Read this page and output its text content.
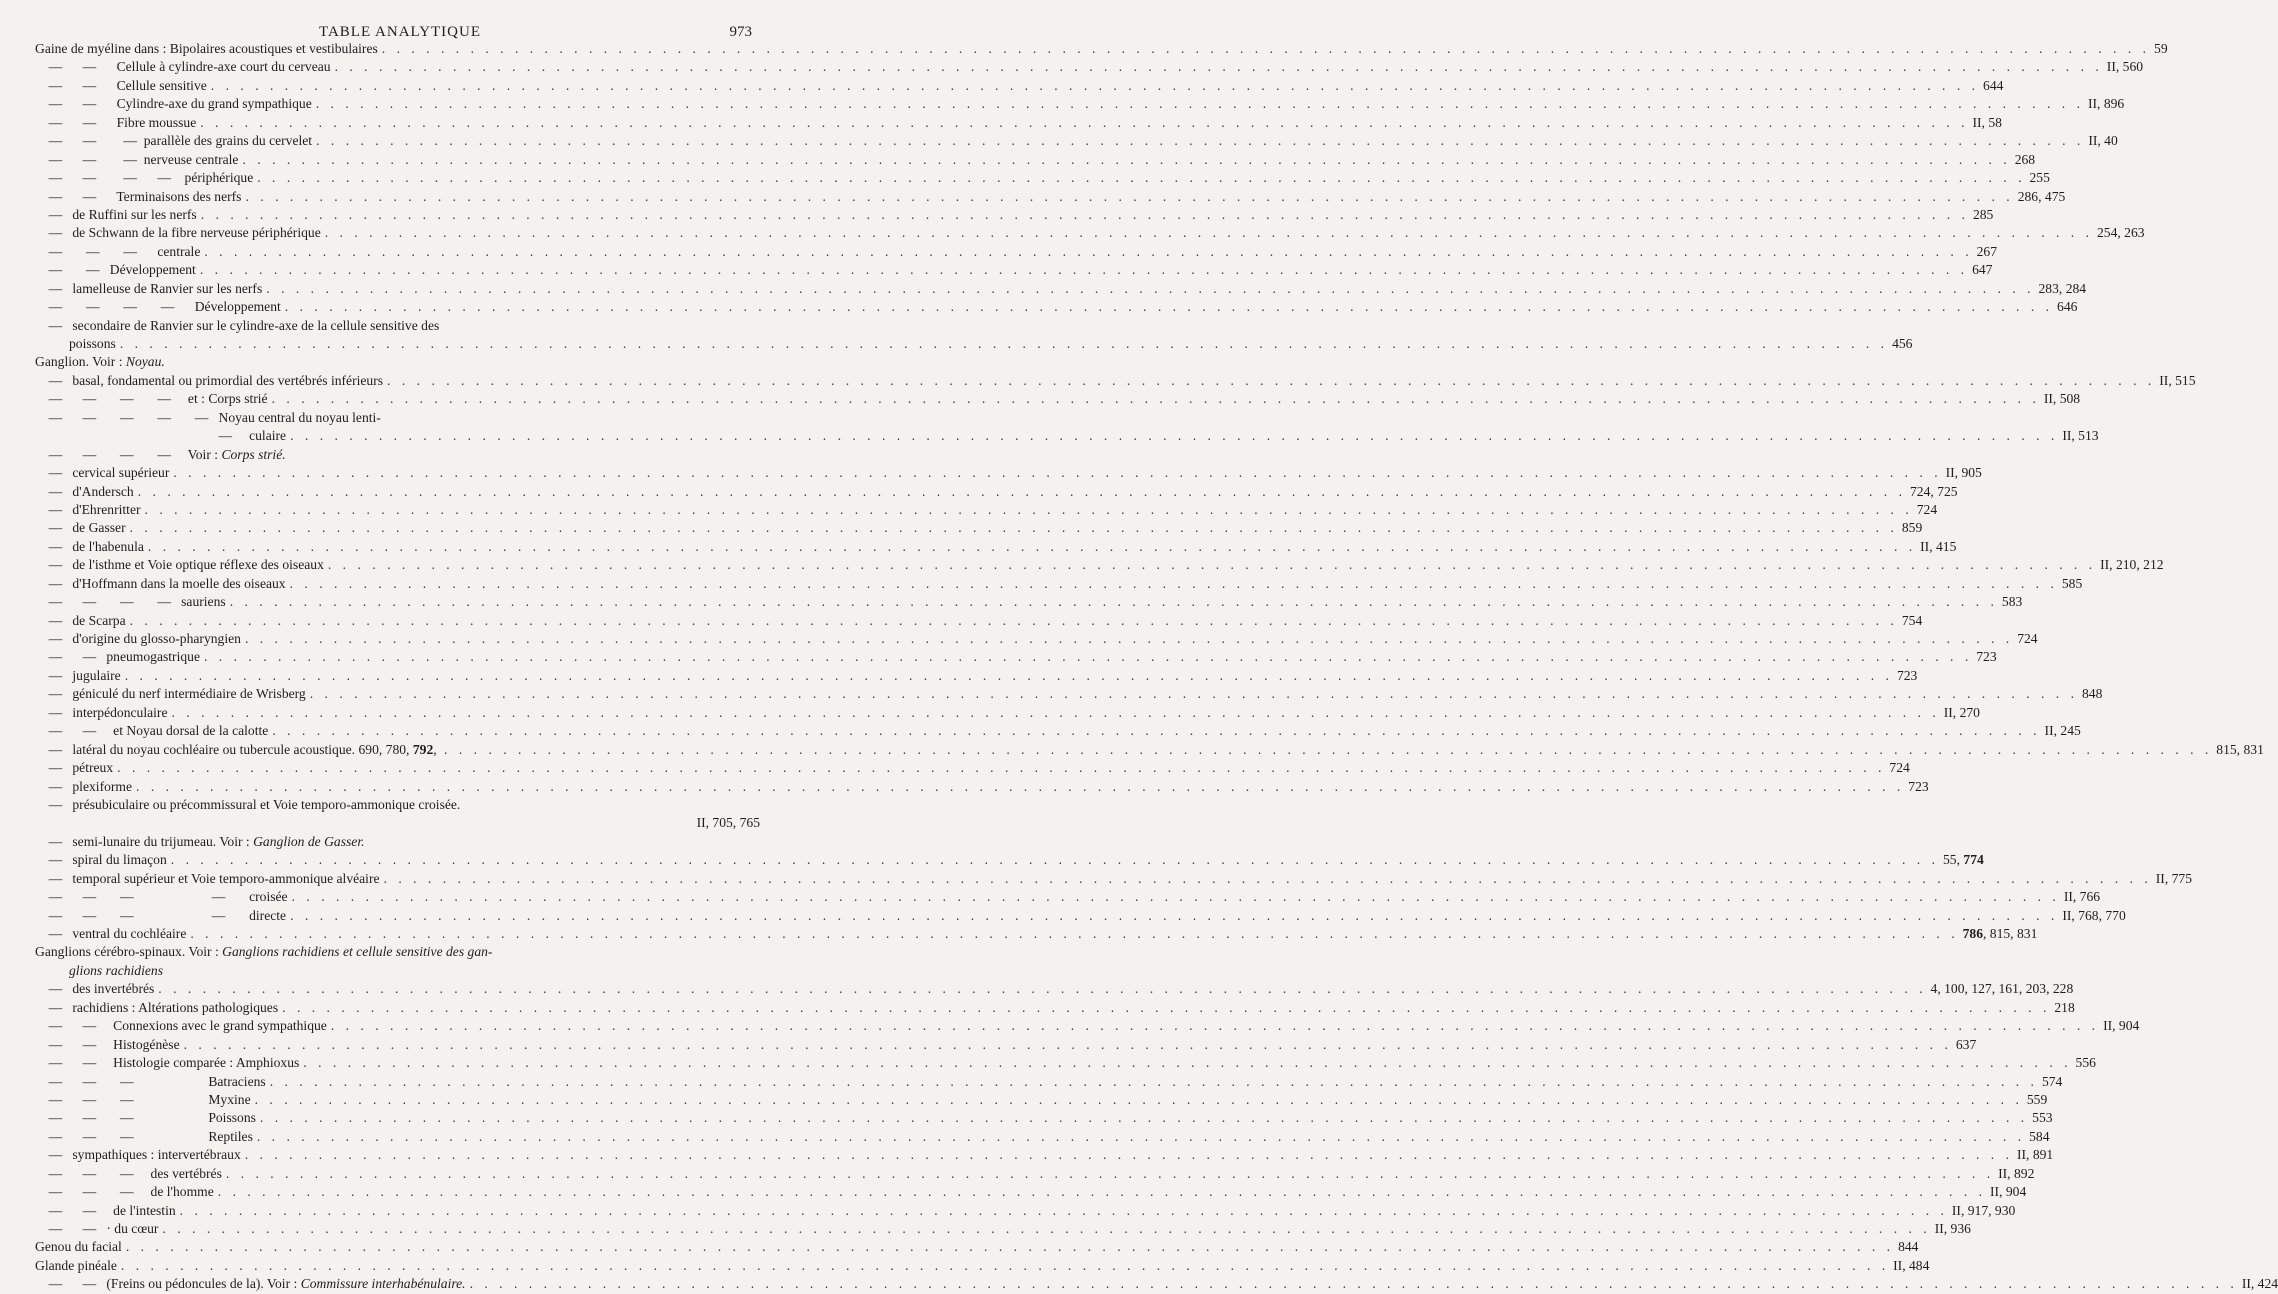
TABLE ANALYTIQUE	973
Gaine de myéline dans : Bipolaires acoustiques et vestibulaires . . . . . . . . . . . . . . . . . . . . . . . . . . . . . . . . . . . . . . . . . . . . . . . . . . . . . . . . . . . . . . . . . . . . . . . . . . . . . . . . . . . . . . . . . . . . . . . . . . . . . . . . . . . . . . . . . . . . . . . . 59
—      —      Cellule à cylindre-axe court du cerveau . . . . . . . . . . . . . . . . . . . . . . . . . . . . . . . . . . . . . . . . . . . . . . . . . . . . . . . . . . . . . . . . . . . . . . . . . . . . . . . . . . . . . . . . . . . . . . . . . . . . . . . . . . . . . . . . . . . . . . . . II, 560
—      —      Cellule sensitive . . . . . . . . . . . . . . . . . . . . . . . . . . . . . . . . . . . . . . . . . . . . . . . . . . . . . . . . . . . . . . . . . . . . . . . . . . . . . . . . . . . . . . . . . . . . . . . . . . . . . . . . . . . . . . . . . . . . . . . . 644
—      —      Cylindre-axe du grand sympathique . . . . . . . . . . . . . . . . . . . . . . . . . . . . . . . . . . . . . . . . . . . . . . . . . . . . . . . . . . . . . . . . . . . . . . . . . . . . . . . . . . . . . . . . . . . . . . . . . . . . . . . . . . . . . . . . . . . . . . . . II, 896
—      —      Fibre moussue . . . . . . . . . . . . . . . . . . . . . . . . . . . . . . . . . . . . . . . . . . . . . . . . . . . . . . . . . . . . . . . . . . . . . . . . . . . . . . . . . . . . . . . . . . . . . . . . . . . . . . . . . . . . . . . . . . . . . . . . II, 58
—      —        —  parallèle des grains du cervelet . . . . . . . . . . . . . . . . . . . . . . . . . . . . . . . . . . . . . . . . . . . . . . . . . . . . . . . . . . . . . . . . . . . . . . . . . . . . . . . . . . . . . . . . . . . . . . . . . . . . . . . . . . . . . . . . . . . . . . . . II, 40
—      —        —  nerveuse centrale . . . . . . . . . . . . . . . . . . . . . . . . . . . . . . . . . . . . . . . . . . . . . . . . . . . . . . . . . . . . . . . . . . . . . . . . . . . . . . . . . . . . . . . . . . . . . . . . . . . . . . . . . . . . . . . . . . . . . . . . 268
—      —        —      —    périphérique . . . . . . . . . . . . . . . . . . . . . . . . . . . . . . . . . . . . . . . . . . . . . . . . . . . . . . . . . . . . . . . . . . . . . . . . . . . . . . . . . . . . . . . . . . . . . . . . . . . . . . . . . . . . . . . . . . . . . . . . 255
—      —      Terminaisons des nerfs . . . . . . . . . . . . . . . . . . . . . . . . . . . . . . . . . . . . . . . . . . . . . . . . . . . . . . . . . . . . . . . . . . . . . . . . . . . . . . . . . . . . . . . . . . . . . . . . . . . . . . . . . . . . . . . . . . . . . . . . 286, 475
—   de Ruffini sur les nerfs . . . . . . . . . . . . . . . . . . . . . . . . . . . . . . . . . . . . . . . . . . . . . . . . . . . . . . . . . . . . . . . . . . . . . . . . . . . . . . . . . . . . . . . . . . . . . . . . . . . . . . . . . . . . . . . . . . . . . . . . 285
—   de Schwann de la fibre nerveuse périphérique . . . . . . . . . . . . . . . . . . . . . . . . . . . . . . . . . . . . . . . . . . . . . . . . . . . . . . . . . . . . . . . . . . . . . . . . . . . . . . . . . . . . . . . . . . . . . . . . . . . . . . . . . . . . . . . . . . . . . . . . 254, 263
—       —       —      centrale . . . . . . . . . . . . . . . . . . . . . . . . . . . . . . . . . . . . . . . . . . . . . . . . . . . . . . . . . . . . . . . . . . . . . . . . . . . . . . . . . . . . . . . . . . . . . . . . . . . . . . . . . . . . . . . . . . . . . . . . 267
—       —   Développement . . . . . . . . . . . . . . . . . . . . . . . . . . . . . . . . . . . . . . . . . . . . . . . . . . . . . . . . . . . . . . . . . . . . . . . . . . . . . . . . . . . . . . . . . . . . . . . . . . . . . . . . . . . . . . . . . . . . . . . . 647
—   lamelleuse de Ranvier sur les nerfs . . . . . . . . . . . . . . . . . . . . . . . . . . . . . . . . . . . . . . . . . . . . . . . . . . . . . . . . . . . . . . . . . . . . . . . . . . . . . . . . . . . . . . . . . . . . . . . . . . . . . . . . . . . . . . . . . . . . . . . . 283, 284
—       —       —       —      Développement . . . . . . . . . . . . . . . . . . . . . . . . . . . . . . . . . . . . . . . . . . . . . . . . . . . . . . . . . . . . . . . . . . . . . . . . . . . . . . . . . . . . . . . . . . . . . . . . . . . . . . . . . . . . . . . . . . . . . . . . 646
—   secondaire de Ranvier sur le cylindre-axe de la cellule sensitive des
poissons . . . . . . . . . . . . . . . . . . . . . . . . . . . . . . . . . . . . . . . . . . . . . . . . . . . . . . . . . . . . . . . . . . . . . . . . . . . . . . . . . . . . . . . . . . . . . . . . . . . . . . . . . . . . . . . . . . . . . . . . 456
Ganglion. Voir : Noyau.
—   basal, fondamental ou primordial des vertébrés inférieurs . . . . . . . . . . . . . . . . . . . . . . . . . . . . . . . . . . . . . . . . . . . . . . . . . . . . . . . . . . . . . . . . . . . . . . . . . . . . . . . . . . . . . . . . . . . . . . . . . . . . . . . . . . . . . . . . . . . . . . . . II, 515
—      —       —       —     et : Corps strié . . . . . . . . . . . . . . . . . . . . . . . . . . . . . . . . . . . . . . . . . . . . . . . . . . . . . . . . . . . . . . . . . . . . . . . . . . . . . . . . . . . . . . . . . . . . . . . . . . . . . . . . . . . . . . . . . . . . . . . . II, 508
—      —       —       —       —   Noyau central du noyau lenti-
—     culaire . . . . . . . . . . . . . . . . . . . . . . . . . . . . . . . . . . . . . . . . . . . . . . . . . . . . . . . . . . . . . . . . . . . . . . . . . . . . . . . . . . . . . . . . . . . . . . . . . . . . . . . . . . . . . . . . . . . . . . . . II, 513
—      —       —       —     Voir : Corps strié.
—   cervical supérieur . . . . . . . . . . . . . . . . . . . . . . . . . . . . . . . . . . . . . . . . . . . . . . . . . . . . . . . . . . . . . . . . . . . . . . . . . . . . . . . . . . . . . . . . . . . . . . . . . . . . . . . . . . . . . . . . . . . . . . . . II, 905
—   d'Andersch . . . . . . . . . . . . . . . . . . . . . . . . . . . . . . . . . . . . . . . . . . . . . . . . . . . . . . . . . . . . . . . . . . . . . . . . . . . . . . . . . . . . . . . . . . . . . . . . . . . . . . . . . . . . . . . . . . . . . . . . 724, 725
—   d'Ehrenritter . . . . . . . . . . . . . . . . . . . . . . . . . . . . . . . . . . . . . . . . . . . . . . . . . . . . . . . . . . . . . . . . . . . . . . . . . . . . . . . . . . . . . . . . . . . . . . . . . . . . . . . . . . . . . . . . . . . . . . . . 724
—   de Gasser . . . . . . . . . . . . . . . . . . . . . . . . . . . . . . . . . . . . . . . . . . . . . . . . . . . . . . . . . . . . . . . . . . . . . . . . . . . . . . . . . . . . . . . . . . . . . . . . . . . . . . . . . . . . . . . . . . . . . . . . 859
—   de l'habenula . . . . . . . . . . . . . . . . . . . . . . . . . . . . . . . . . . . . . . . . . . . . . . . . . . . . . . . . . . . . . . . . . . . . . . . . . . . . . . . . . . . . . . . . . . . . . . . . . . . . . . . . . . . . . . . . . . . . . . . . II, 415
—   de l'isthme et Voie optique réflexe des oiseaux . . . . . . . . . . . . . . . . . . . . . . . . . . . . . . . . . . . . . . . . . . . . . . . . . . . . . . . . . . . . . . . . . . . . . . . . . . . . . . . . . . . . . . . . . . . . . . . . . . . . . . . . . . . . . . . . . . . . . . . . II, 210, 212
—   d'Hoffmann dans la moelle des oiseaux . . . . . . . . . . . . . . . . . . . . . . . . . . . . . . . . . . . . . . . . . . . . . . . . . . . . . . . . . . . . . . . . . . . . . . . . . . . . . . . . . . . . . . . . . . . . . . . . . . . . . . . . . . . . . . . . . . . . . . . . 585
—      —       —       —   sauriens . . . . . . . . . . . . . . . . . . . . . . . . . . . . . . . . . . . . . . . . . . . . . . . . . . . . . . . . . . . . . . . . . . . . . . . . . . . . . . . . . . . . . . . . . . . . . . . . . . . . . . . . . . . . . . . . . . . . . . . . 583
—   de Scarpa . . . . . . . . . . . . . . . . . . . . . . . . . . . . . . . . . . . . . . . . . . . . . . . . . . . . . . . . . . . . . . . . . . . . . . . . . . . . . . . . . . . . . . . . . . . . . . . . . . . . . . . . . . . . . . . . . . . . . . . . 754
—   d'origine du glosso-pharyngien . . . . . . . . . . . . . . . . . . . . . . . . . . . . . . . . . . . . . . . . . . . . . . . . . . . . . . . . . . . . . . . . . . . . . . . . . . . . . . . . . . . . . . . . . . . . . . . . . . . . . . . . . . . . . . . . . . . . . . . . 724
—      —   pneumogastrique . . . . . . . . . . . . . . . . . . . . . . . . . . . . . . . . . . . . . . . . . . . . . . . . . . . . . . . . . . . . . . . . . . . . . . . . . . . . . . . . . . . . . . . . . . . . . . . . . . . . . . . . . . . . . . . . . . . . . . . . 723
—   jugulaire . . . . . . . . . . . . . . . . . . . . . . . . . . . . . . . . . . . . . . . . . . . . . . . . . . . . . . . . . . . . . . . . . . . . . . . . . . . . . . . . . . . . . . . . . . . . . . . . . . . . . . . . . . . . . . . . . . . . . . . . 723
—   géniculé du nerf intermédiaire de Wrisberg . . . . . . . . . . . . . . . . . . . . . . . . . . . . . . . . . . . . . . . . . . . . . . . . . . . . . . . . . . . . . . . . . . . . . . . . . . . . . . . . . . . . . . . . . . . . . . . . . . . . . . . . . . . . . . . . . . . . . . . . 848
—   interpédonculaire . . . . . . . . . . . . . . . . . . . . . . . . . . . . . . . . . . . . . . . . . . . . . . . . . . . . . . . . . . . . . . . . . . . . . . . . . . . . . . . . . . . . . . . . . . . . . . . . . . . . . . . . . . . . . . . . . . . . . . . . II, 270
—      —     et Noyau dorsal de la calotte . . . . . . . . . . . . . . . . . . . . . . . . . . . . . . . . . . . . . . . . . . . . . . . . . . . . . . . . . . . . . . . . . . . . . . . . . . . . . . . . . . . . . . . . . . . . . . . . . . . . . . . . . . . . . . . . . . . . . . . . II, 245
—   latéral du noyau cochléaire ou tubercule acoustique. 690, 780, 792, . . . . . . . . . . . . . . . . . . . . . . . . . . . . . . . . . . . . . . . . . . . . . . . . . . . . . . . . . . . . . . . . . . . . . . . . . . . . . . . . . . . . . . . . . . . . . . . . . . . . . . . . . . . . . . . . . . . . . . . . 815, 831
—   pétreux . . . . . . . . . . . . . . . . . . . . . . . . . . . . . . . . . . . . . . . . . . . . . . . . . . . . . . . . . . . . . . . . . . . . . . . . . . . . . . . . . . . . . . . . . . . . . . . . . . . . . . . . . . . . . . . . . . . . . . . . 724
—   plexiforme . . . . . . . . . . . . . . . . . . . . . . . . . . . . . . . . . . . . . . . . . . . . . . . . . . . . . . . . . . . . . . . . . . . . . . . . . . . . . . . . . . . . . . . . . . . . . . . . . . . . . . . . . . . . . . . . . . . . . . . . 723
—   présubiculaire ou précommissural et Voie temporo-ammonique croisée.
II, 705, 765
—   semi-lunaire du trijumeau. Voir : Ganglion de Gasser.
—   spiral du limaçon . . . . . . . . . . . . . . . . . . . . . . . . . . . . . . . . . . . . . . . . . . . . . . . . . . . . . . . . . . . . . . . . . . . . . . . . . . . . . . . . . . . . . . . . . . . . . . . . . . . . . . . . . . . . . . . . . . . . . . . . 55, 774
—   temporal supérieur et Voie temporo-ammonique alvéaire . . . . . . . . . . . . . . . . . . . . . . . . . . . . . . . . . . . . . . . . . . . . . . . . . . . . . . . . . . . . . . . . . . . . . . . . . . . . . . . . . . . . . . . . . . . . . . . . . . . . . . . . . . . . . . . . . . . . . . . . II, 775
—      —       —                       —       croisée . . . . . . . . . . . . . . . . . . . . . . . . . . . . . . . . . . . . . . . . . . . . . . . . . . . . . . . . . . . . . . . . . . . . . . . . . . . . . . . . . . . . . . . . . . . . . . . . . . . . . . . . . . . . . . . . . . . . . . . . II, 766
—      —       —                       —       directe . . . . . . . . . . . . . . . . . . . . . . . . . . . . . . . . . . . . . . . . . . . . . . . . . . . . . . . . . . . . . . . . . . . . . . . . . . . . . . . . . . . . . . . . . . . . . . . . . . . . . . . . . . . . . . . . . . . . . . . . II, 768, 770
—   ventral du cochléaire . . . . . . . . . . . . . . . . . . . . . . . . . . . . . . . . . . . . . . . . . . . . . . . . . . . . . . . . . . . . . . . . . . . . . . . . . . . . . . . . . . . . . . . . . . . . . . . . . . . . . . . . . . . . . . . . . . . . . . . . 786, 815, 831
Ganglions cérébro-spinaux. Voir : Ganglions rachidiens et cellule sensitive des gan-
glions rachidiens
—   des invertébrés . . . . . . . . . . . . . . . . . . . . . . . . . . . . . . . . . . . . . . . . . . . . . . . . . . . . . . . . . . . . . . . . . . . . . . . . . . . . . . . . . . . . . . . . . . . . . . . . . . . . . . . . . . . . . . . . . . . . . . . . 4, 100, 127, 161, 203, 228
—   rachidiens : Altérations pathologiques . . . . . . . . . . . . . . . . . . . . . . . . . . . . . . . . . . . . . . . . . . . . . . . . . . . . . . . . . . . . . . . . . . . . . . . . . . . . . . . . . . . . . . . . . . . . . . . . . . . . . . . . . . . . . . . . . . . . . . . . 218
—      —     Connexions avec le grand sympathique . . . . . . . . . . . . . . . . . . . . . . . . . . . . . . . . . . . . . . . . . . . . . . . . . . . . . . . . . . . . . . . . . . . . . . . . . . . . . . . . . . . . . . . . . . . . . . . . . . . . . . . . . . . . . . . . . . . . . . . . II, 904
—      —     Histogénèse . . . . . . . . . . . . . . . . . . . . . . . . . . . . . . . . . . . . . . . . . . . . . . . . . . . . . . . . . . . . . . . . . . . . . . . . . . . . . . . . . . . . . . . . . . . . . . . . . . . . . . . . . . . . . . . . . . . . . . . . 637
—      —     Histologie comparée : Amphioxus . . . . . . . . . . . . . . . . . . . . . . . . . . . . . . . . . . . . . . . . . . . . . . . . . . . . . . . . . . . . . . . . . . . . . . . . . . . . . . . . . . . . . . . . . . . . . . . . . . . . . . . . . . . . . . . . . . . . . . . . 556
—      —       —                      Batraciens . . . . . . . . . . . . . . . . . . . . . . . . . . . . . . . . . . . . . . . . . . . . . . . . . . . . . . . . . . . . . . . . . . . . . . . . . . . . . . . . . . . . . . . . . . . . . . . . . . . . . . . . . . . . . . . . . . . . . . . . 574
—      —       —                      Myxine . . . . . . . . . . . . . . . . . . . . . . . . . . . . . . . . . . . . . . . . . . . . . . . . . . . . . . . . . . . . . . . . . . . . . . . . . . . . . . . . . . . . . . . . . . . . . . . . . . . . . . . . . . . . . . . . . . . . . . . . 559
—      —       —                      Poissons . . . . . . . . . . . . . . . . . . . . . . . . . . . . . . . . . . . . . . . . . . . . . . . . . . . . . . . . . . . . . . . . . . . . . . . . . . . . . . . . . . . . . . . . . . . . . . . . . . . . . . . . . . . . . . . . . . . . . . . . 553
—      —       —                      Reptiles . . . . . . . . . . . . . . . . . . . . . . . . . . . . . . . . . . . . . . . . . . . . . . . . . . . . . . . . . . . . . . . . . . . . . . . . . . . . . . . . . . . . . . . . . . . . . . . . . . . . . . . . . . . . . . . . . . . . . . . . 584
—   sympathiques : intervertébraux . . . . . . . . . . . . . . . . . . . . . . . . . . . . . . . . . . . . . . . . . . . . . . . . . . . . . . . . . . . . . . . . . . . . . . . . . . . . . . . . . . . . . . . . . . . . . . . . . . . . . . . . . . . . . . . . . . . . . . . . II, 891
—      —       —     des vertébrés . . . . . . . . . . . . . . . . . . . . . . . . . . . . . . . . . . . . . . . . . . . . . . . . . . . . . . . . . . . . . . . . . . . . . . . . . . . . . . . . . . . . . . . . . . . . . . . . . . . . . . . . . . . . . . . . . . . . . . . . II, 892
—      —       —     de l'homme . . . . . . . . . . . . . . . . . . . . . . . . . . . . . . . . . . . . . . . . . . . . . . . . . . . . . . . . . . . . . . . . . . . . . . . . . . . . . . . . . . . . . . . . . . . . . . . . . . . . . . . . . . . . . . . . . . . . . . . . II, 904
—      —     de l'intestin . . . . . . . . . . . . . . . . . . . . . . . . . . . . . . . . . . . . . . . . . . . . . . . . . . . . . . . . . . . . . . . . . . . . . . . . . . . . . . . . . . . . . . . . . . . . . . . . . . . . . . . . . . . . . . . . . . . . . . . . II, 917, 930
—      —   · du cœur . . . . . . . . . . . . . . . . . . . . . . . . . . . . . . . . . . . . . . . . . . . . . . . . . . . . . . . . . . . . . . . . . . . . . . . . . . . . . . . . . . . . . . . . . . . . . . . . . . . . . . . . . . . . . . . . . . . . . . . . II, 936
Genou du facial . . . . . . . . . . . . . . . . . . . . . . . . . . . . . . . . . . . . . . . . . . . . . . . . . . . . . . . . . . . . . . . . . . . . . . . . . . . . . . . . . . . . . . . . . . . . . . . . . . . . . . . . . . . . . . . . . . . . . . . . 844
Glande pinéale . . . . . . . . . . . . . . . . . . . . . . . . . . . . . . . . . . . . . . . . . . . . . . . . . . . . . . . . . . . . . . . . . . . . . . . . . . . . . . . . . . . . . . . . . . . . . . . . . . . . . . . . . . . . . . . . . . . . . . . . II, 484
—      —   (Freins ou pédoncules de la). Voir : Commissure interhabénulaire. . . . . . . . . . . . . . . . . . . . . . . . . . . . . . . . . . . . . . . . . . . . . . . . . . . . . . . . . . . . . . . . . . . . . . . . . . . . . . . . . . . . . . . . . . . . . . . . . . . . . . . . . . . . . . . . . . . . . . . . . II, 424
